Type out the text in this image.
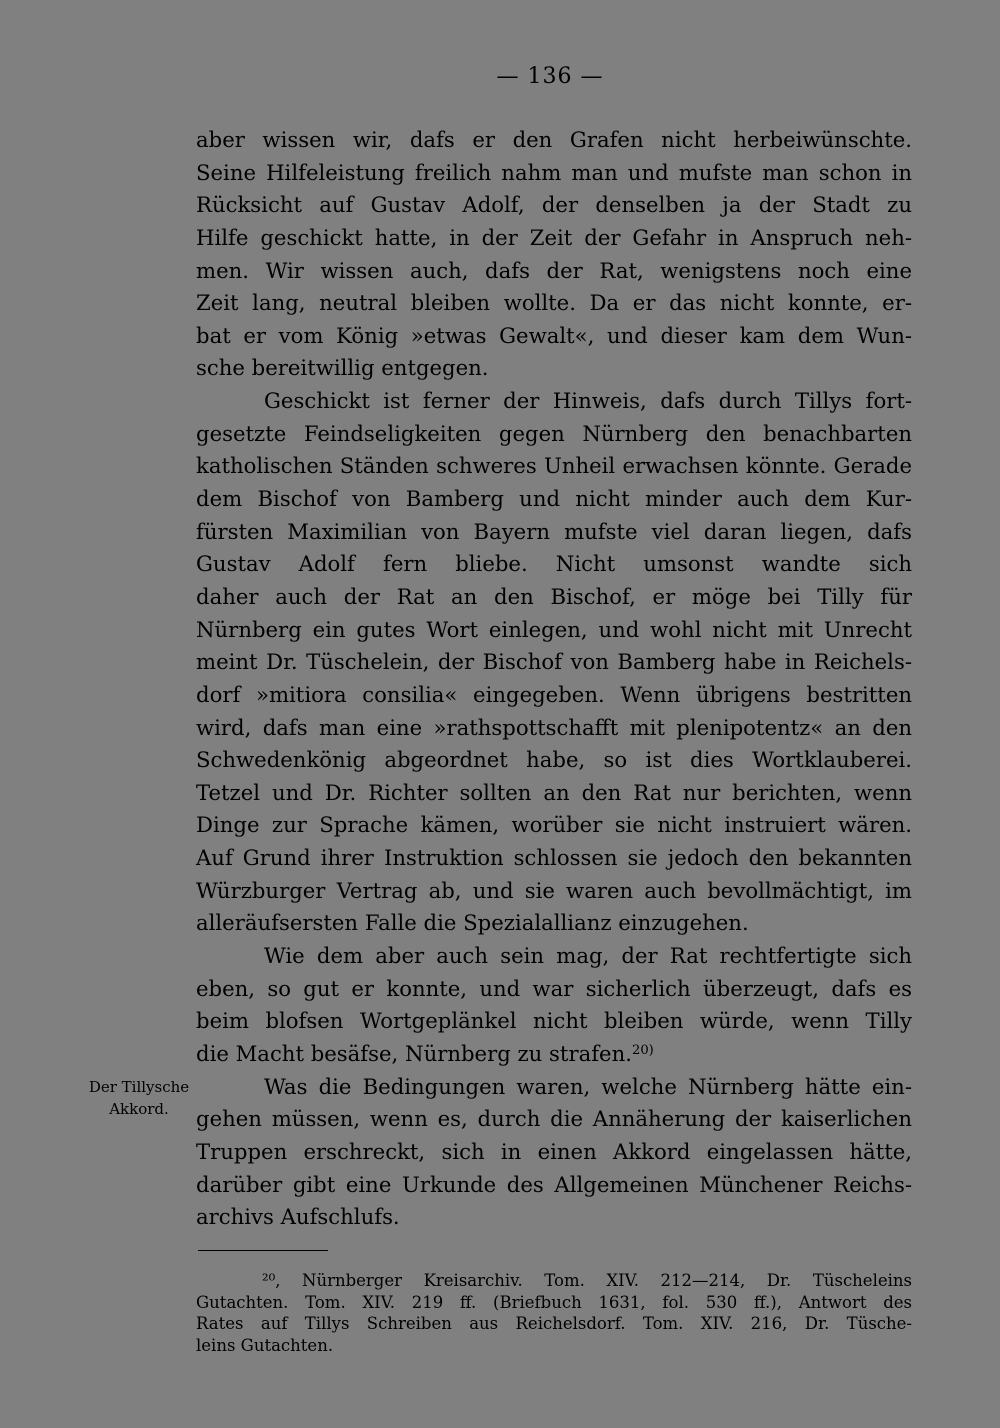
— 136 —
Der Tillysche
Akkord.
aber wissen wir, dafs er den Grafen nicht herbeiwünschte.
Seine Hilfeleistung freilich nahm man und mufste man schon in
Rücksicht auf Gustav Adolf, der denselben ja der Stadt zu
Hilfe geschickt hatte, in der Zeit der Gefahr in Anspruch neh-
men. Wir wissen auch, dafs der Rat, wenigstens noch eine
Zeit lang, neutral bleiben wollte. Da er das nicht konnte, er-
bat er vom König »etwas Gewalt«, und dieser kam dem Wun-
sche bereitwillig entgegen.
Geschickt ist ferner der Hinweis, dafs durch Tillys fort-
gesetzte Feindseligkeiten gegen Nürnberg den benachbarten
katholischen Ständen schweres Unheil erwachsen könnte. Gerade
dem Bischof von Bamberg und nicht minder auch dem Kur-
fürsten Maximilian von Bayern mufste viel daran liegen, dafs
Gustav Adolf fern bliebe. Nicht umsonst wandte sich
daher auch der Rat an den Bischof, er möge bei Tilly für
Nürnberg ein gutes Wort einlegen, und wohl nicht mit Unrecht
meint Dr. Tüschelein, der Bischof von Bamberg habe in Reichels-
dorf »mitiora consilia« eingegeben. Wenn übrigens bestritten
wird, dafs man eine »rathspottschafft mit plenipotentz« an den
Schwedenkönig abgeordnet habe, so ist dies Wortklauberei.
Tetzel und Dr. Richter sollten an den Rat nur berichten, wenn
Dinge zur Sprache kämen, worüber sie nicht instruiert wären.
Auf Grund ihrer Instruktion schlossen sie jedoch den bekannten
Würzburger Vertrag ab, und sie waren auch bevollmächtigt, im
alleräufsersten Falle die Spezialallianz einzugehen.
Wie dem aber auch sein mag, der Rat rechtfertigte sich
eben, so gut er konnte, und war sicherlich überzeugt, dafs es
beim blofsen Wortgeplänkel nicht bleiben würde, wenn Tilly
die Macht besäfse, Nürnberg zu strafen.$^{20)}$
Was die Bedingungen waren, welche Nürnberg hätte ein-
gehen müssen, wenn es, durch die Annäherung der kaiserlichen
Truppen erschreckt, sich in einen Akkord eingelassen hätte,
darüber gibt eine Urkunde des Allgemeinen Münchener Reichs-
archivs Aufschlufs.
²⁰, Nürnberger Kreisarchiv. Tom. XIV. 212—214, Dr. Tüscheleins
Gutachten. Tom. XIV. 219 ff. (Briefbuch 1631, fol. 530 ff.), Antwort des
Rates auf Tillys Schreiben aus Reichelsdorf. Tom. XIV. 216, Dr. Tüsche-
leins Gutachten.
